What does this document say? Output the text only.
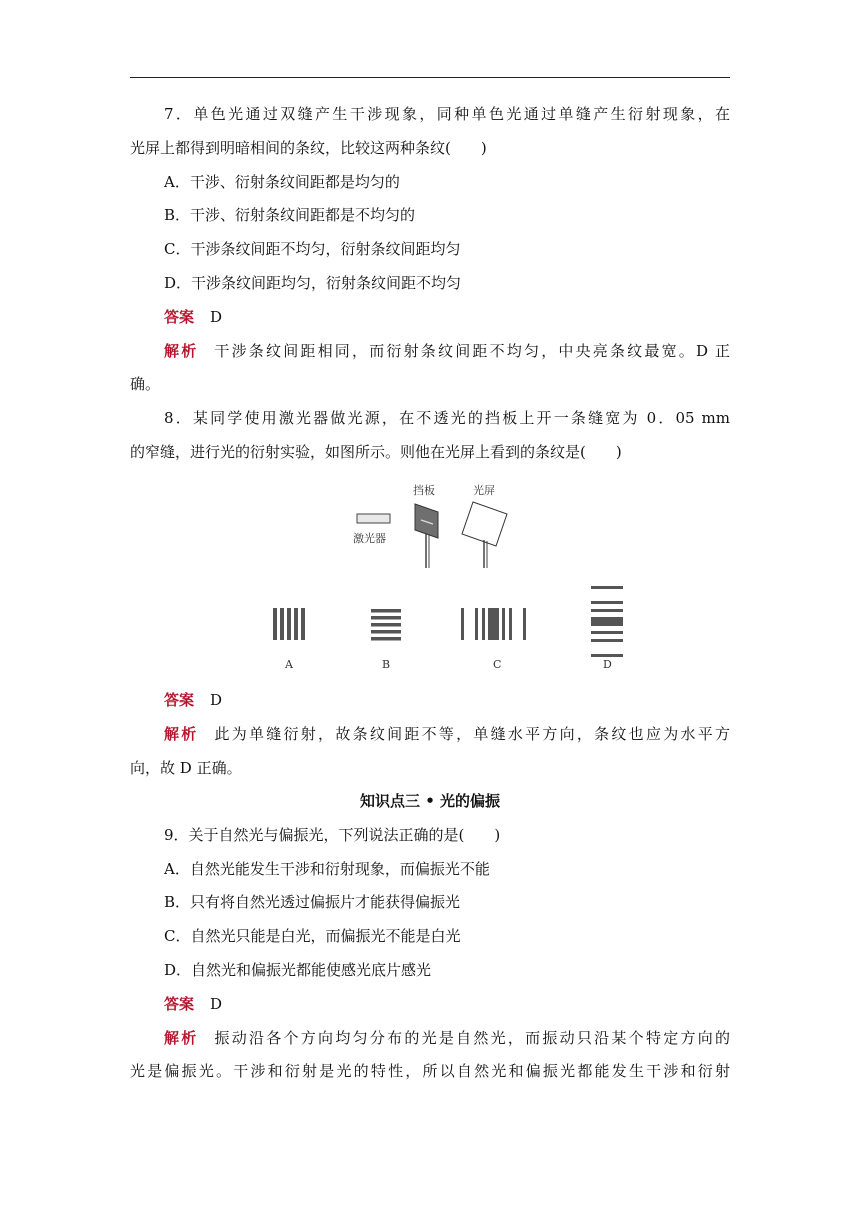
7．单色光通过双缝产生干涉现象，同种单色光通过单缝产生衍射现象，在
光屏上都得到明暗相间的条纹，比较这两种条纹(　　)
A．干涉、衍射条纹间距都是均匀的
B．干涉、衍射条纹间距都是不均匀的
C．干涉条纹间距不均匀，衍射条纹间距均匀
D．干涉条纹间距均匀，衍射条纹间距不均匀
答案 D
解析 干涉条纹间距相同，而衍射条纹间距不均匀，中央亮条纹最宽。D 正
确。
8．某同学使用激光器做光源，在不透光的挡板上开一条缝宽为 0．05 mm
的窄缝，进行光的衍射实验，如图所示。则他在光屏上看到的条纹是(　　)
激光器
挡板	光屏
A	B	C	D
答案 D
解析 此为单缝衍射，故条纹间距不等，单缝水平方向，条纹也应为水平方
向，故 D 正确。
知识点三 • 光的偏振
9．关于自然光与偏振光，下列说法正确的是(　　)
A．自然光能发生干涉和衍射现象，而偏振光不能
B．只有将自然光透过偏振片才能获得偏振光
C．自然光只能是白光，而偏振光不能是白光
D．自然光和偏振光都能使感光底片感光
答案 D
解析 振动沿各个方向均匀分布的光是自然光，而振动只沿某个特定方向的
光是偏振光。干涉和衍射是光的特性，所以自然光和偏振光都能发生干涉和衍射
